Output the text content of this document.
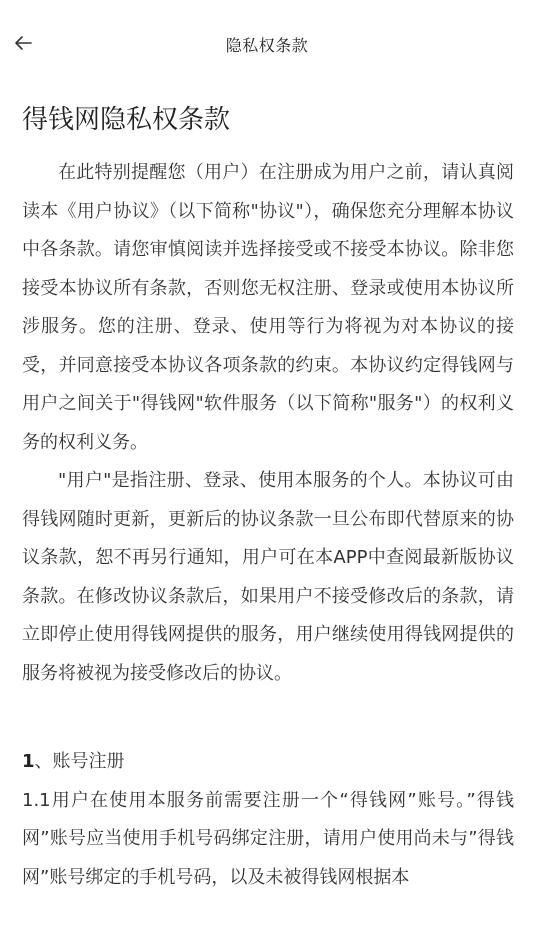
隐私权条款
得钱网隐私权条款

在此特别提醒您（用户）在注册成为用户之前，请认真阅读本《用户协议》（以下简称"协议"），确保您充分理解本协议中各条款。请您审慎阅读并选择接受或不接受本协议。除非您接受本协议所有条款，否则您无权注册、登录或使用本协议所涉服务。您的注册、登录、使用等行为将视为对本协议的接受，并同意接受本协议各项条款的约束。本协议约定得钱网与用户之间关于"得钱网"软件服务（以下简称"服务"）的权利义务的权利义务。

"用户"是指注册、登录、使用本服务的个人。本协议可由得钱网随时更新，更新后的协议条款一旦公布即代替原来的协议条款，恕不再另行通知，用户可在本APP中查阅最新版协议条款。在修改协议条款后，如果用户不接受修改后的条款，请立即停止使用得钱网提供的服务，用户继续使用得钱网提供的服务将被视为接受修改后的协议。

1、账号注册

1.1用户在使用本服务前需要注册一个“得钱网”账号。”得钱网”账号应当使用手机号码绑定注册，请用户使用尚未与”得钱网”账号绑定的手机号码，以及未被得钱网根据本
